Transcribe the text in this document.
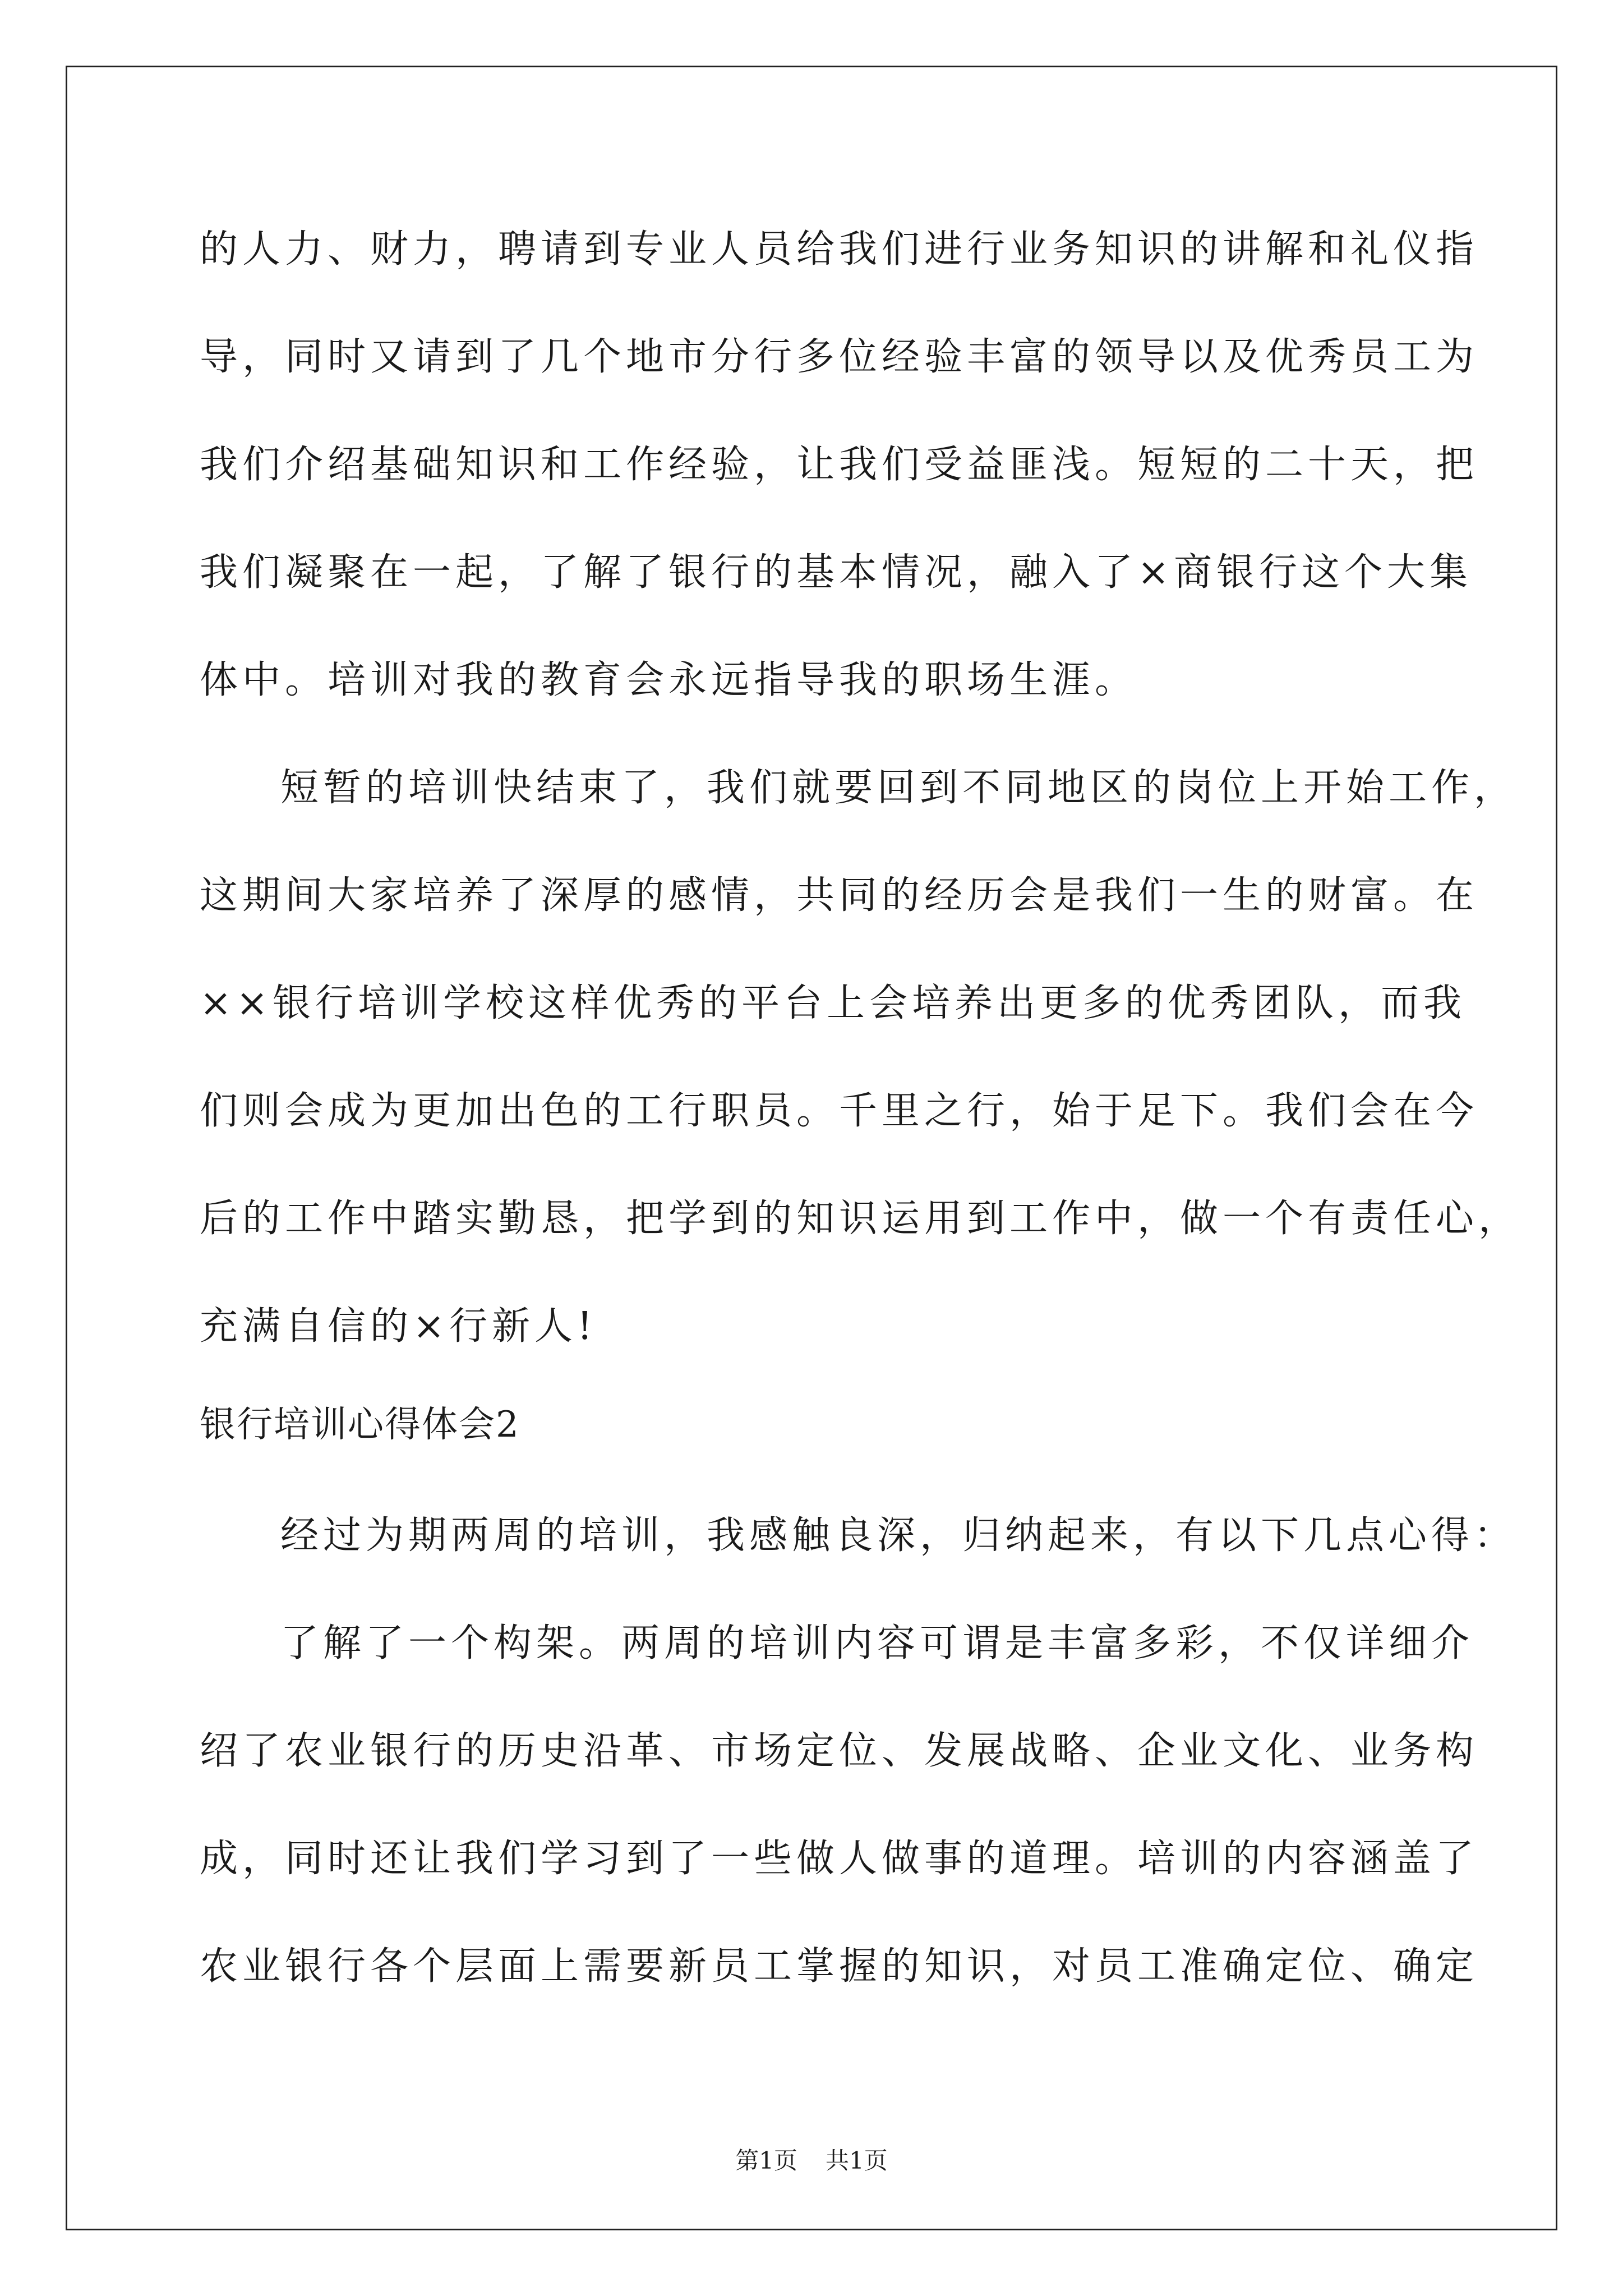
的人力、财力，聘请到专业人员给我们进行业务知识的讲解和礼仪指
导，同时又请到了几个地市分行多位经验丰富的领导以及优秀员工为
我们介绍基础知识和工作经验，让我们受益匪浅。短短的二十天，把
我们凝聚在一起，了解了银行的基本情况，融入了×商银行这个大集
体中。培训对我的教育会永远指导我的职场生涯。
短暂的培训快结束了，我们就要回到不同地区的岗位上开始工作，
这期间大家培养了深厚的感情，共同的经历会是我们一生的财富。在
××银行培训学校这样优秀的平台上会培养出更多的优秀团队，而我
们则会成为更加出色的工行职员。千里之行，始于足下。我们会在今
后的工作中踏实勤恳，把学到的知识运用到工作中，做一个有责任心，
充满自信的×行新人!
银行培训心得体会2
经过为期两周的培训，我感触良深，归纳起来，有以下几点心得：
了解了一个构架。两周的培训内容可谓是丰富多彩，不仅详细介
绍了农业银行的历史沿革、市场定位、发展战略、企业文化、业务构
成，同时还让我们学习到了一些做人做事的道理。培训的内容涵盖了
农业银行各个层面上需要新员工掌握的知识，对员工准确定位、确定
第1页 共1页
